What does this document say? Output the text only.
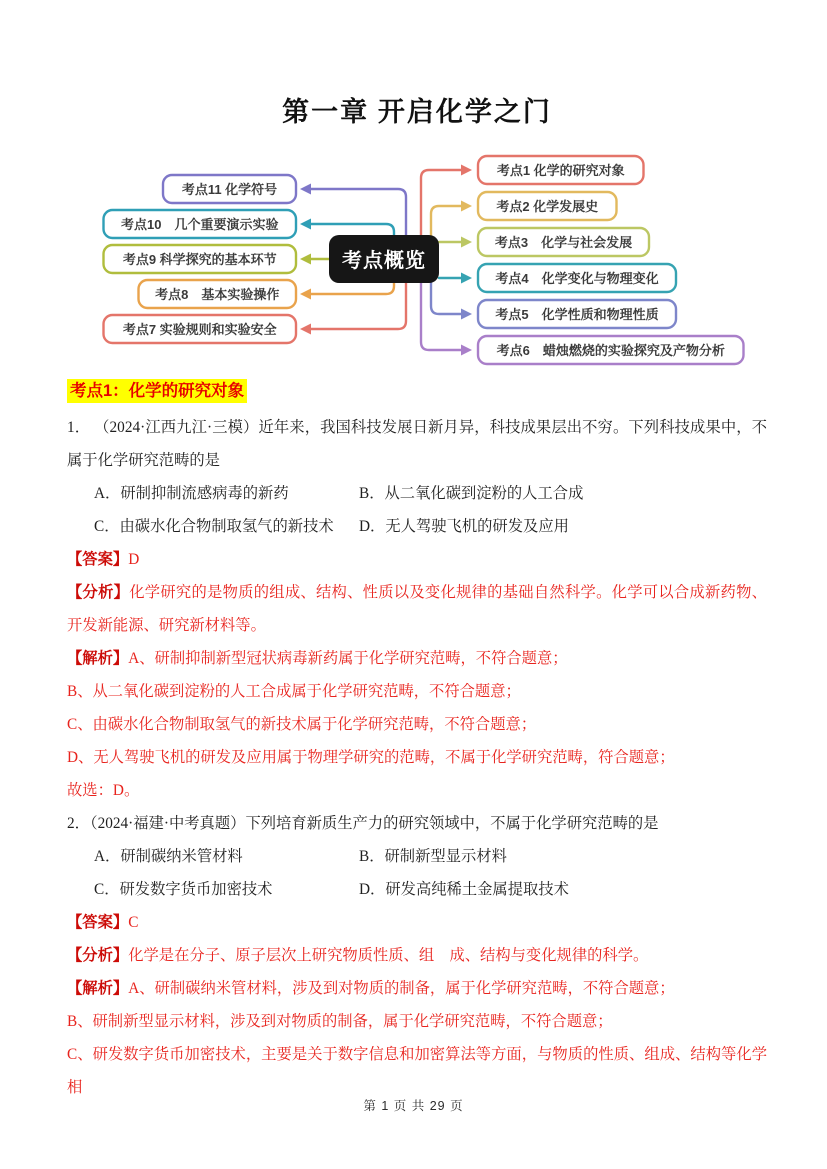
第一章 开启化学之门
考点11 化学符号
考点10　几个重要演示实验
考点9 科学探究的基本环节
考点8　基本实验操作
考点7 实验规则和实验安全
考点1 化学的研究对象
考点2 化学发展史
考点3　化学与社会发展
考点4　化学变化与物理变化
考点5　化学性质和物理性质
考点6　蜡烛燃烧的实验探究及产物分析
考点概览
考点1：化学的研究对象

1． （2024·江西九江·三模）近年来，我国科技发展日新月异，科技成果层出不穷。下列科技成果中，不属于化学研究范畴的是

A．研制抑制流感病毒的新药	B．从二氧化碳到淀粉的人工合成
C．由碳水化合物制取氢气的新技术	D．无人驾驶飞机的研发及应用

【答案】D

【分析】化学研究的是物质的组成、结构、性质以及变化规律的基础自然科学。化学可以合成新药物、开发新能源、研究新材料等。

【解析】A、研制抑制新型冠状病毒新药属于化学研究范畴，不符合题意；

B、从二氧化碳到淀粉的人工合成属于化学研究范畴，不符合题意；

C、由碳水化合物制取氢气的新技术属于化学研究范畴，不符合题意；

D、无人驾驶飞机的研发及应用属于物理学研究的范畴，不属于化学研究范畴，符合题意；

故选：D。

2．（2024·福建·中考真题）下列培育新质生产力的研究领域中，不属于化学研究范畴的是

A．研制碳纳米管材料	B．研制新型显示材料
C．研发数字货币加密技术	D．研发高纯稀土金属提取技术

【答案】C

【分析】化学是在分子、原子层次上研究物质性质、组　成、结构与变化规律的科学。

【解析】A、研制碳纳米管材料，涉及到对物质的制备，属于化学研究范畴，不符合题意；

B、研制新型显示材料，涉及到对物质的制备，属于化学研究范畴，不符合题意；

C、研发数字货币加密技术，主要是关于数字信息和加密算法等方面，与物质的性质、组成、结构等化学相

第 1 页 共 29 页
